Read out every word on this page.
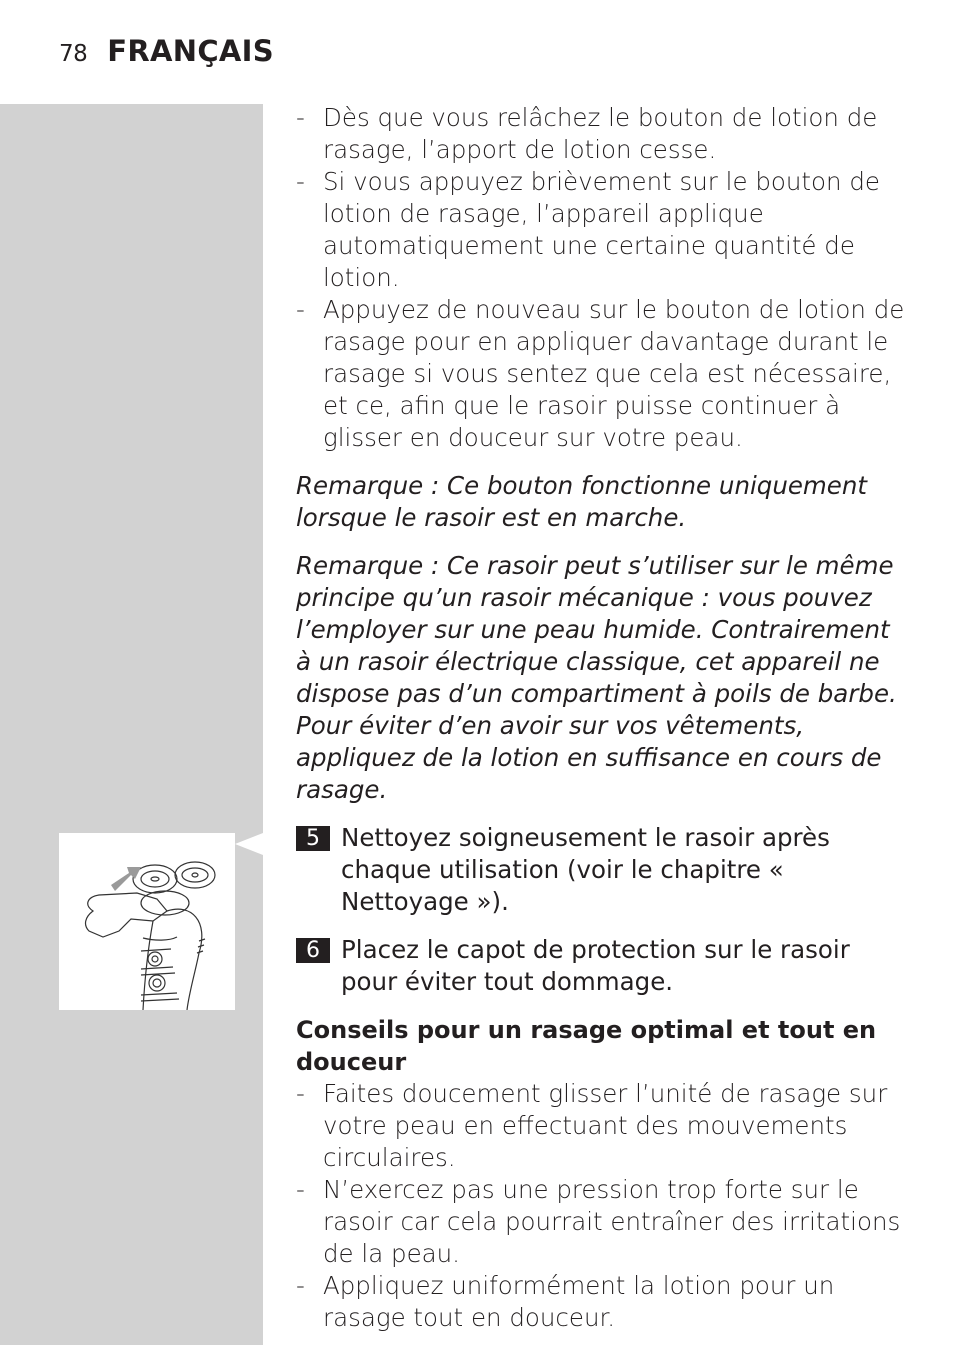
78 FRANÇAIS
- Dès que vous relâchez le bouton de lotion de rasage, l’apport de lotion cesse.
- Si vous appuyez brièvement sur le bouton de lotion de rasage, l’appareil applique automatiquement une certaine quantité de lotion.
- Appuyez de nouveau sur le bouton de lotion de rasage pour en appliquer davantage durant le rasage si vous sentez que cela est nécessaire, et ce, afin que le rasoir puisse continuer à glisser en douceur sur votre peau.
Remarque : Ce bouton fonctionne uniquement lorsque le rasoir est en marche.
Remarque : Ce rasoir peut s’utiliser sur le même principe qu’un rasoir mécanique : vous pouvez l’employer sur une peau humide. Contrairement à un rasoir électrique classique, cet appareil ne dispose pas d’un compartiment à poils de barbe. Pour éviter d’en avoir sur vos vêtements, appliquez de la lotion en suffisance en cours de rasage.
5 Nettoyez soigneusement le rasoir après chaque utilisation (voir le chapitre « Nettoyage »).
6 Placez le capot de protection sur le rasoir pour éviter tout dommage.
Conseils pour un rasage optimal et tout en douceur
- Faites doucement glisser l’unité de rasage sur votre peau en effectuant des mouvements circulaires.
- N’exercez pas une pression trop forte sur le rasoir car cela pourrait entraîner des irritations de la peau.
- Appliquez uniformément la lotion pour un rasage tout en douceur.
